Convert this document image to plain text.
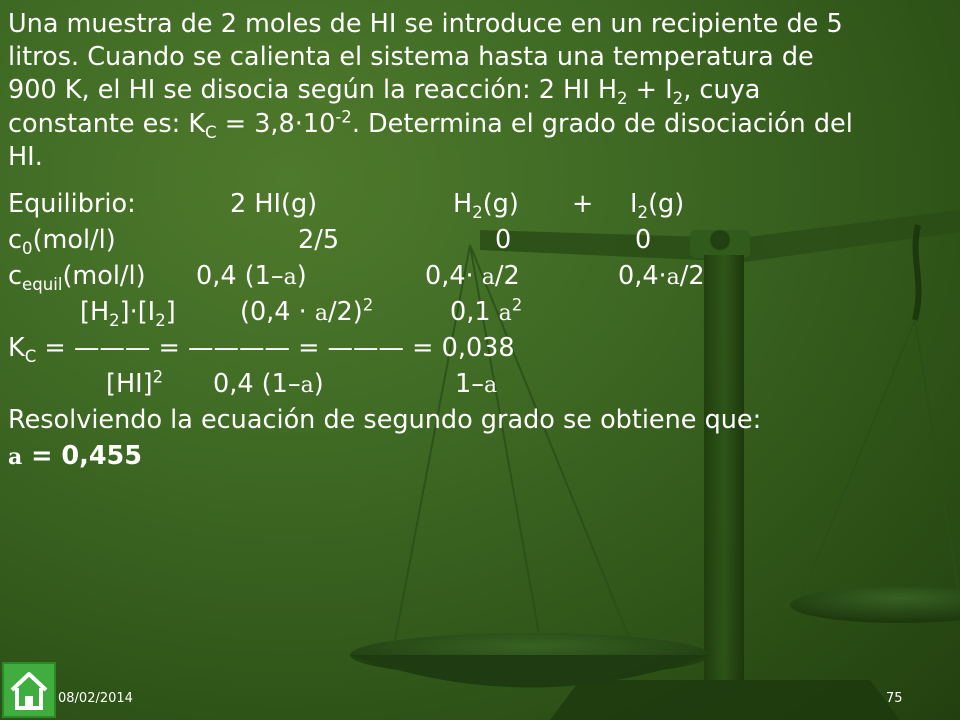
Una muestra de 2 moles de HI se introduce en un recipiente de 5
litros. Cuando se calienta el sistema hasta una temperatura de
900 K, el HI se disocia según la reacción: 2 HI $H_2 + I_2$, cuya
constante es: $K_C = 3,8\cdot 10^{-2}$. Determina el grado de disociación del
HI.

Equilibrio:	2 HI(g)	$H_2(g) + I_2(g)$
$c_0(mol/l)$	2/5	0	0
$c_{equil}(mol/l)$ 0,4 (1–a)	0,4· a/2	0,4·a/2
$[H_2]\cdot[I_2]$	$(0,4 \cdot a/2)^2$	0,1 $a^2$
$K_C$ = ——— = ———— = ——— = 0,038
[HI]$^2$ 0,4 (1–a)	1–a
Resolviendo la ecuación de segundo grado se obtiene que:
a = 0,455
08/02/2014	75
